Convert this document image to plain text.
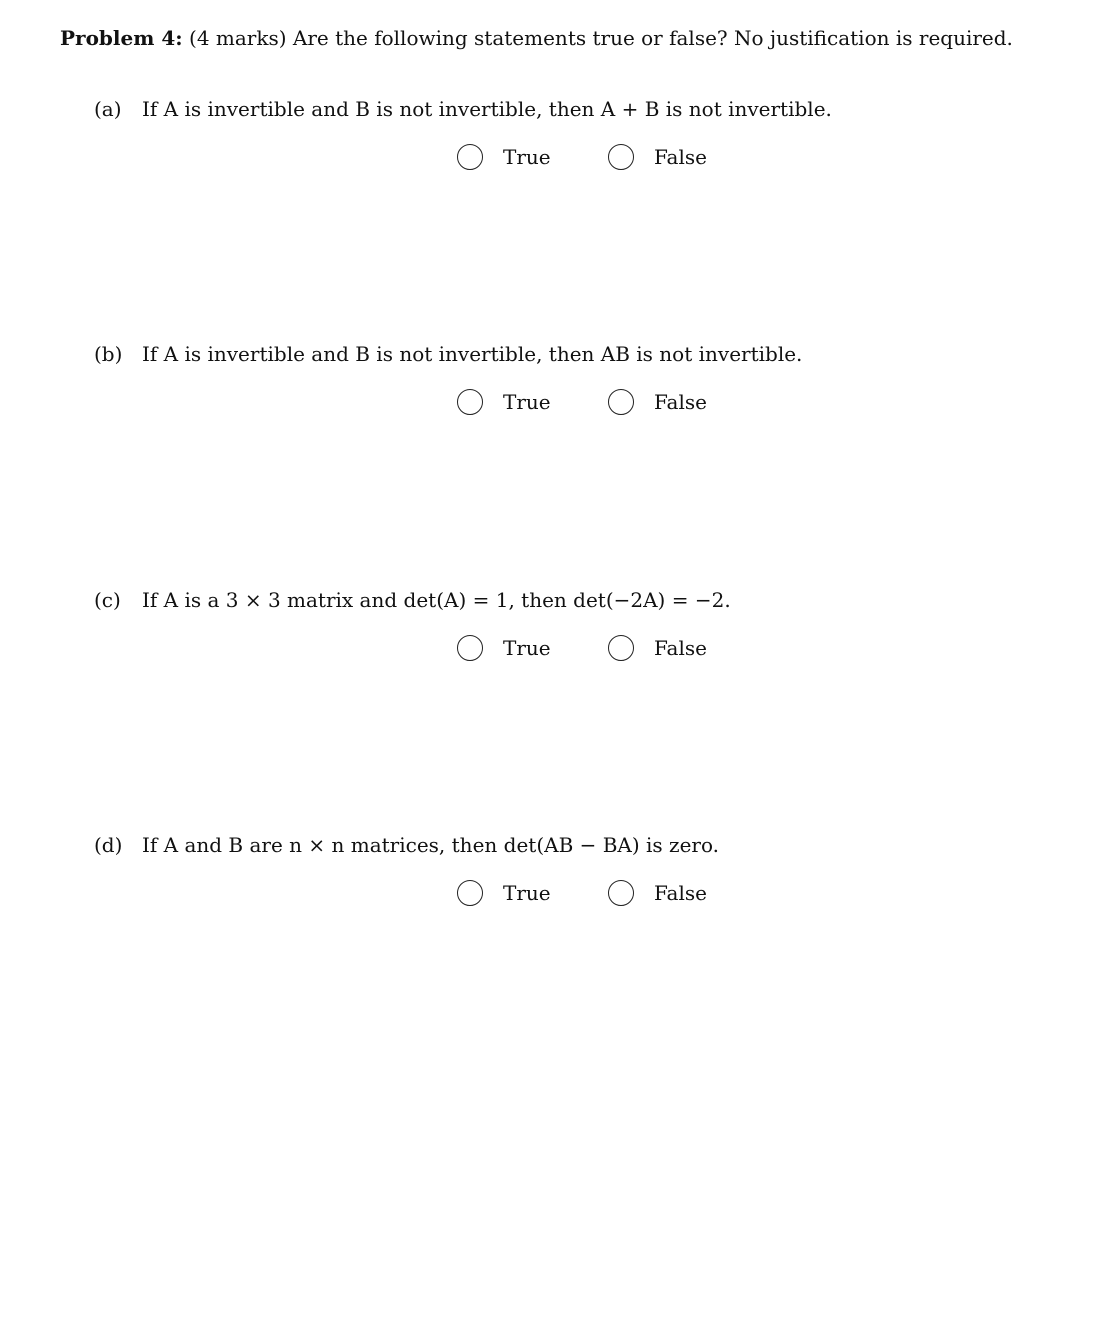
Problem 4: (4 marks) Are the following statements true or false? No justification is required.
(a) If A is invertible and B is not invertible, then A + B is not invertible.
True	False
(b) If A is invertible and B is not invertible, then AB is not invertible.
True	False
(c) If A is a 3 × 3 matrix and det(A) = 1, then det(−2A) = −2.
True	False
(d) If A and B are n × n matrices, then det(AB − BA) is zero.
True	False
